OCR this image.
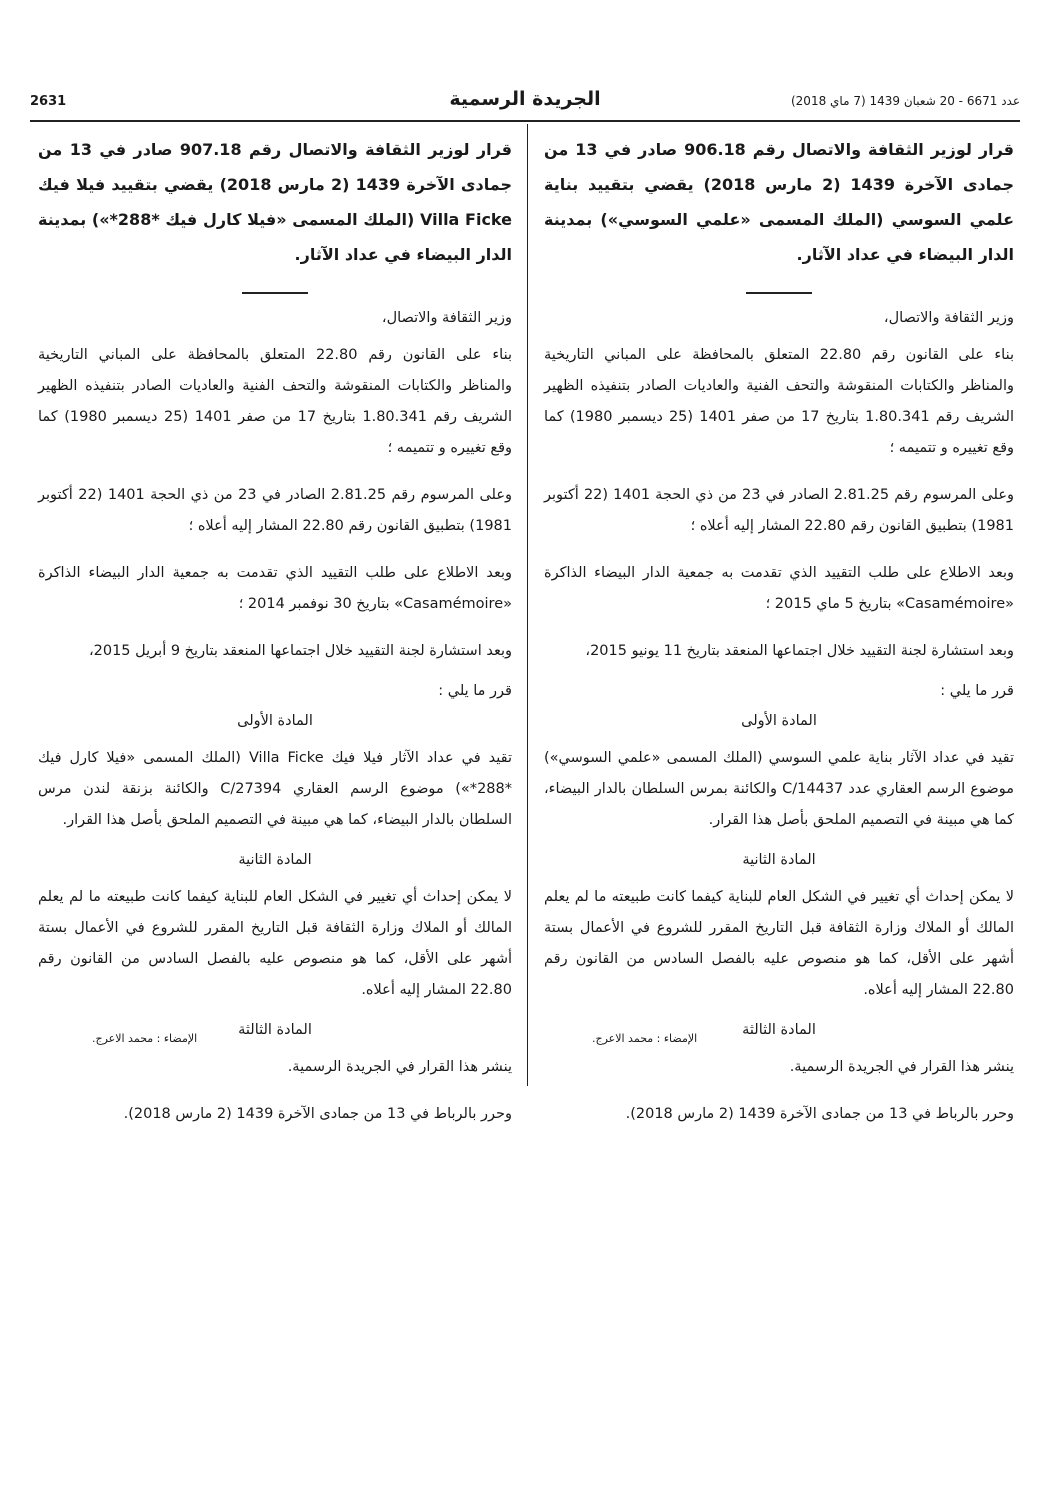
عدد 6671 - 20 شعبان 1439 (7 ماي 2018)
الجريدة الرسمية
2631

قرار لوزير الثقافة والاتصال رقم 906.18 صادر في 13 من جمادى الآخرة 1439 (2 مارس 2018) يقضي بتقييد بناية علمي السوسي (الملك المسمى «علمي السوسي») بمدينة الدار البيضاء في عداد الآثار.

وزير الثقافة والاتصال،

بناء على القانون رقم 22.80 المتعلق بالمحافظة على المباني التاريخية والمناظر والكتابات المنقوشة والتحف الفنية والعاديات الصادر بتنفيذه الظهير الشريف رقم 1.80.341 بتاريخ 17 من صفر 1401 (25 ديسمبر 1980) كما وقع تغييره و تتميمه ؛

وعلى المرسوم رقم 2.81.25 الصادر في 23 من ذي الحجة 1401 (22 أكتوبر 1981) بتطبيق القانون رقم 22.80 المشار إليه أعلاه ؛

وبعد الاطلاع على طلب التقييد الذي تقدمت به جمعية الدار البيضاء الذاكرة «Casamémoire» بتاريخ 5 ماي 2015 ؛

وبعد استشارة لجنة التقييد خلال اجتماعها المنعقد بتاريخ 11 يونيو 2015،

قرر ما يلي :

المادة الأولى

تقيد في عداد الآثار بناية علمي السوسي (الملك المسمى «علمي السوسي») موضوع الرسم العقاري عدد C/14437 والكائنة بمرس السلطان بالدار البيضاء، كما هي مبينة في التصميم الملحق بأصل هذا القرار.

المادة الثانية

لا يمكن إحداث أي تغيير في الشكل العام للبناية كيفما كانت طبيعته ما لم يعلم المالك أو الملاك وزارة الثقافة قبل التاريخ المقرر للشروع في الأعمال بستة أشهر على الأقل، كما هو منصوص عليه بالفصل السادس من القانون رقم 22.80 المشار إليه أعلاه.

المادة الثالثة

ينشر هذا القرار في الجريدة الرسمية.

وحرر بالرباط في 13 من جمادى الآخرة 1439 (2 مارس 2018).

قرار لوزير الثقافة والاتصال رقم 907.18 صادر في 13 من جمادى الآخرة 1439 (2 مارس 2018) يقضي بتقييد فيلا فيك Villa Ficke (الملك المسمى «فيلا كارل فيك *288*») بمدينة الدار البيضاء في عداد الآثار.

وزير الثقافة والاتصال،

بناء على القانون رقم 22.80 المتعلق بالمحافظة على المباني التاريخية والمناظر والكتابات المنقوشة والتحف الفنية والعاديات الصادر بتنفيذه الظهير الشريف رقم 1.80.341 بتاريخ 17 من صفر 1401 (25 ديسمبر 1980) كما وقع تغييره و تتميمه ؛

وعلى المرسوم رقم 2.81.25 الصادر في 23 من ذي الحجة 1401 (22 أكتوبر 1981) بتطبيق القانون رقم 22.80 المشار إليه أعلاه ؛

وبعد الاطلاع على طلب التقييد الذي تقدمت به جمعية الدار البيضاء الذاكرة «Casamémoire» بتاريخ 30 نوفمبر 2014 ؛

وبعد استشارة لجنة التقييد خلال اجتماعها المنعقد بتاريخ 9 أبريل 2015،

قرر ما يلي :

المادة الأولى

تقيد في عداد الآثار فيلا فيك Villa Ficke (الملك المسمى «فيلا كارل فيك *288*») موضوع الرسم العقاري C/27394 والكائنة بزنقة لندن مرس السلطان بالدار البيضاء، كما هي مبينة في التصميم الملحق بأصل هذا القرار.

المادة الثانية

لا يمكن إحداث أي تغيير في الشكل العام للبناية كيفما كانت طبيعته ما لم يعلم المالك أو الملاك وزارة الثقافة قبل التاريخ المقرر للشروع في الأعمال بستة أشهر على الأقل، كما هو منصوص عليه بالفصل السادس من القانون رقم 22.80 المشار إليه أعلاه.

المادة الثالثة

ينشر هذا القرار في الجريدة الرسمية.

وحرر بالرباط في 13 من جمادى الآخرة 1439 (2 مارس 2018).

الإمضاء : محمد الاعرج.
الإمضاء : محمد الاعرج.
